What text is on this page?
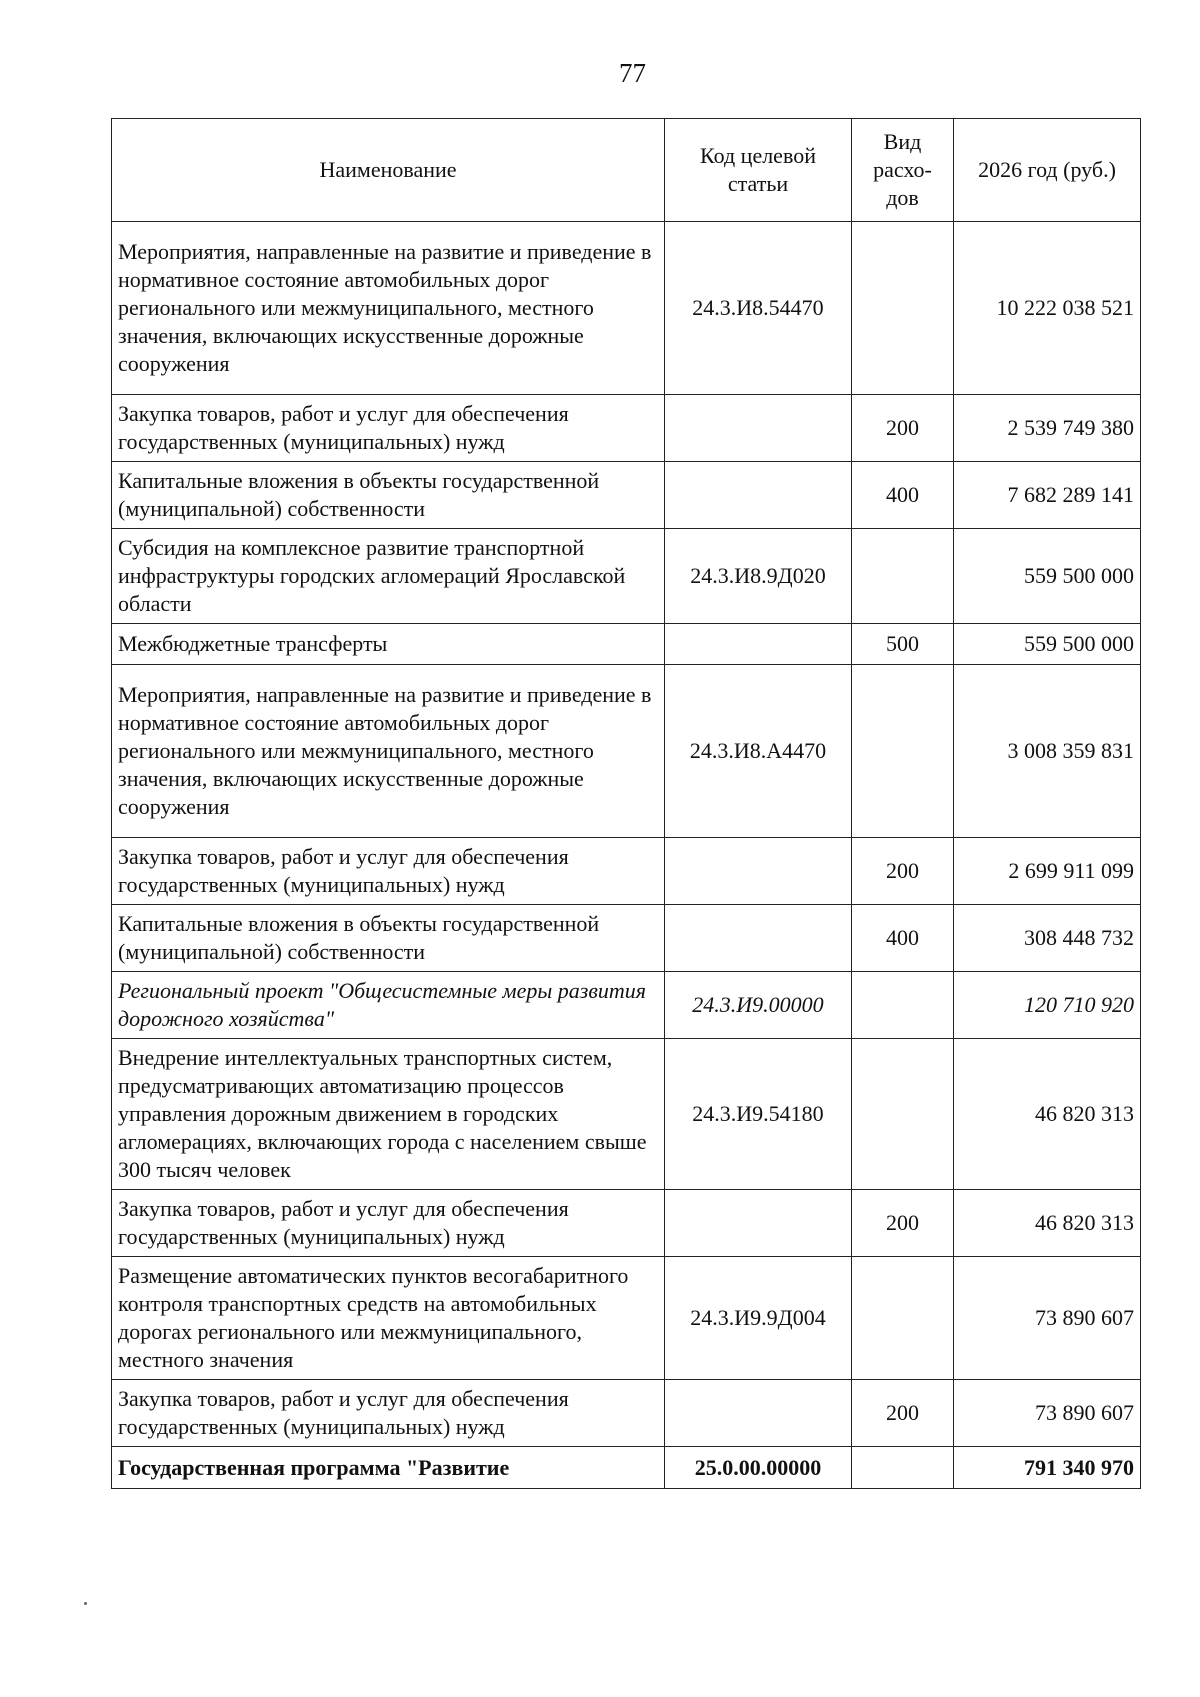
77
Наименование	Код целевой статьи	Вид расхо-дов	2026 год (руб.)
Мероприятия, направленные на развитие и приведение в нормативное состояние автомобильных дорог регионального или межмуниципального, местного значения, включающих искусственные дорожные сооружения	24.3.И8.54470		10 222 038 521
Закупка товаров, работ и услуг для обеспечения государственных (муниципальных) нужд		200	2 539 749 380
Капитальные вложения в объекты государственной (муниципальной) собственности		400	7 682 289 141
Субсидия на комплексное развитие транспортной инфраструктуры городских агломераций Ярославской области	24.3.И8.9Д020		559 500 000
Межбюджетные трансферты		500	559 500 000
Мероприятия, направленные на развитие и приведение в нормативное состояние автомобильных дорог регионального или межмуниципального, местного значения, включающих искусственные дорожные сооружения	24.3.И8.А4470		3 008 359 831
Закупка товаров, работ и услуг для обеспечения государственных (муниципальных) нужд		200	2 699 911 099
Капитальные вложения в объекты государственной (муниципальной) собственности		400	308 448 732
Региональный проект "Общесистемные меры развития дорожного хозяйства"	24.3.И9.00000		120 710 920
Внедрение интеллектуальных транспортных систем, предусматривающих автоматизацию процессов управления дорожным движением в городских агломерациях, включающих города с населением свыше 300 тысяч человек	24.3.И9.54180		46 820 313
Закупка товаров, работ и услуг для обеспечения государственных (муниципальных) нужд		200	46 820 313
Размещение автоматических пунктов весогабаритного контроля транспортных средств на автомобильных дорогах регионального или межмуниципального, местного значения	24.3.И9.9Д004		73 890 607
Закупка товаров, работ и услуг для обеспечения государственных (муниципальных) нужд		200	73 890 607
Государственная программа "Развитие	25.0.00.00000		791 340 970
